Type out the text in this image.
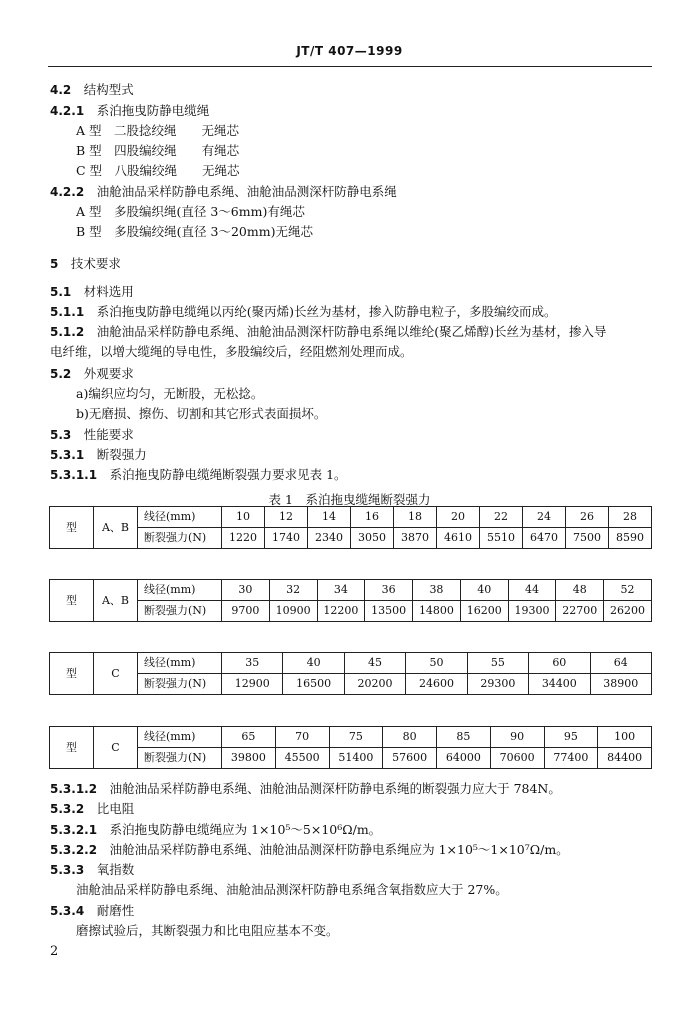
JT/T 407—1999
4.2　 结构型式
4.2.1　 系泊拖曳防静电缆绳
A 型　二股捻绞绳　　无绳芯
B 型　四股编绞绳　　有绳芯
C 型　八股编绞绳　　无绳芯
4.2.2　 油舱油品采样防静电系绳、油舱油品测深杆防静电系绳
A 型　多股编织绳(直径 3～6mm)有绳芯
B 型　多股编绞绳(直径 3～20mm)无绳芯
5　 技术要求
5.1　 材料选用
5.1.1　 系泊拖曳防静电缆绳以丙纶(聚丙烯)长丝为基材，掺入防静电粒子，多股编绞而成。
5.1.2　 油舱油品采样防静电系绳、油舱油品测深杆防静电系绳以维纶(聚乙烯醇)长丝为基材，掺入导
电纤维，以增大缆绳的导电性，多股编绞后，经阻燃剂处理而成。
5.2　 外观要求
a)编织应均匀，无断股，无松捻。
b)无磨损、擦伤、切割和其它形式表面损坏。
5.3　 性能要求
5.3.1　 断裂强力
5.3.1.1　 系泊拖曳防静电缆绳断裂强力要求见表 1。
5.3.1.2　 油舱油品采样防静电系绳、油舱油品测深杆防静电系绳的断裂强力应大于 784N。
5.3.2　 比电阻
5.3.2.1　 系泊拖曳防静电缆绳应为 1×10⁵～5×10⁶Ω/m。
5.3.2.2　 油舱油品采样防静电系绳、油舱油品测深杆防静电系绳应为 1×10⁵～1×10⁷Ω/m。
5.3.3　 氧指数
油舱油品采样防静电系绳、油舱油品测深杆防静电系绳含氧指数应大于 27%。
5.3.4　 耐磨性
磨擦试验后，其断裂强力和比电阻应基本不变。
表 1　系泊拖曳缆绳断裂强力
型	A、B	线径(mm)	10	12	14	16	18	20	22	24	26	28
		断裂强力(N)	1220	1740	2340	3050	3870	4610	5510	6470	7500	8590
型	A、B	线径(mm)	30	32	34	36	38	40	44	48	52
		断裂强力(N)	9700	10900	12200	13500	14800	16200	19300	22700	26200
型	C	线径(mm)	35	40	45	50	55	60	64
		断裂强力(N)	12900	16500	20200	24600	29300	34400	38900
型	C	线径(mm)	65	70	75	80	85	90	95	100
		断裂强力(N)	39800	45500	51400	57600	64000	70600	77400	84400
2
